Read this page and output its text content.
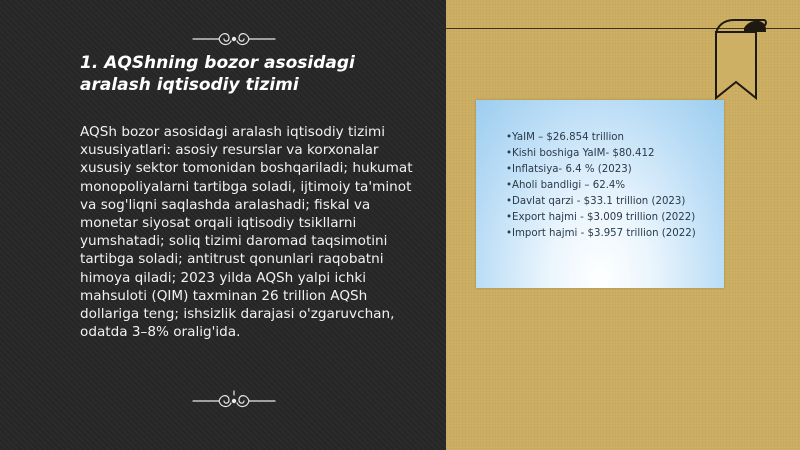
1. AQShning bozor asosidagi aralash iqtisodiy tizimi

AQSh bozor asosidagi aralash iqtisodiy tizimi xususiyatlari: asosiy resurslar va korxonalar xususiy sektor tomonidan boshqariladi; hukumat monopoliyalarni tartibga soladi, ijtimoiy ta'minot va sog'liqni saqlashda aralashadi; fiskal va monetar siyosat orqali iqtisodiy tsikllarni yumshatadi; soliq tizimi daromad taqsimotini tartibga soladi; antitrust qonunlari raqobatni himoya qiladi; 2023 yilda AQSh yalpi ichki mahsuloti (QIM) taxminan 26 trillion AQSh dollariga teng; ishsizlik darajasi o'zgaruvchan, odatda 3–8% oralig'ida.

•YaIM – $26.854 trillion
•Kishi boshiga YaIM- $80.412
•Inflatsiya- 6.4 % (2023)
•Aholi bandligi – 62.4%
•Davlat qarzi - $33.1 trillion (2023)
•Export hajmi - $3.009 trillion (2022)
•Import hajmi - $3.957 trillion (2022)
